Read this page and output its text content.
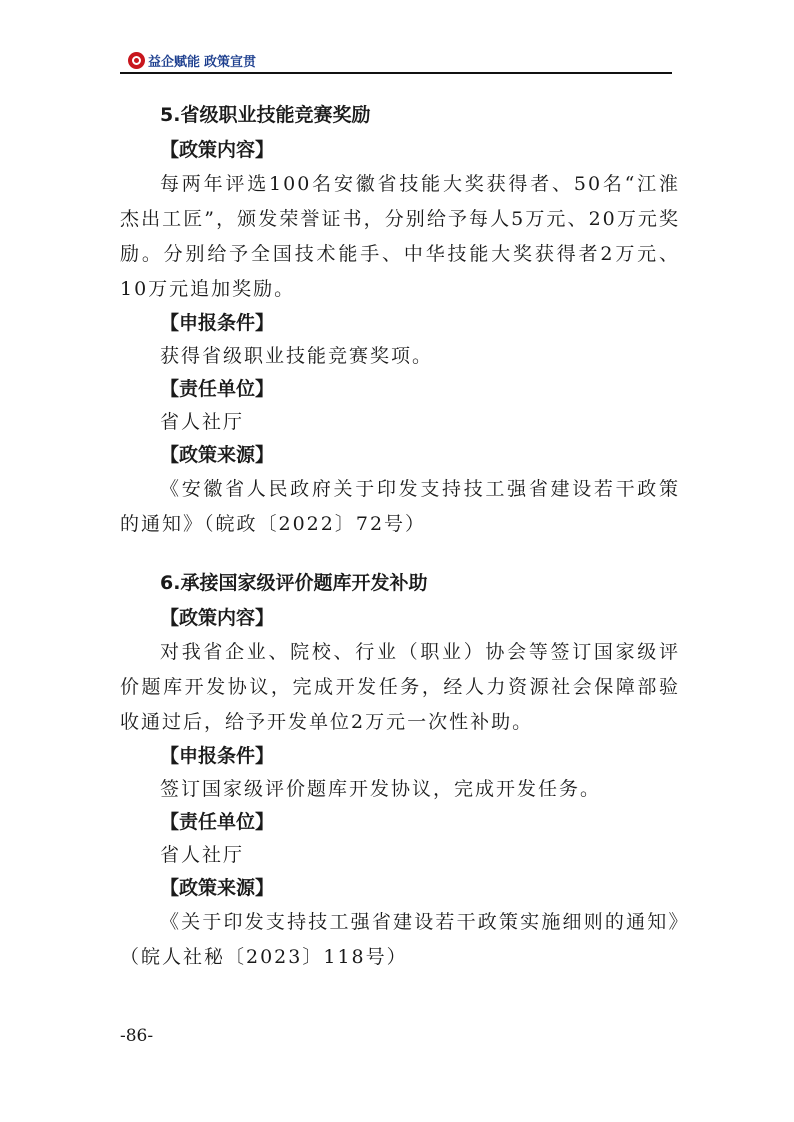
益企赋能 政策宣贯
5.省级职业技能竞赛奖励
【政策内容】

每两年评选100名安徽省技能大奖获得者、50名“江淮杰出工匠”，颁发荣誉证书，分别给予每人5万元、20万元奖励。分别给予全国技术能手、中华技能大奖获得者2万元、10万元追加奖励。

【申报条件】
获得省级职业技能竞赛奖项。
【责任单位】
省人社厅
【政策来源】

《安徽省人民政府关于印发支持技工强省建设若干政策的通知》（皖政〔2022〕72号）

6.承接国家级评价题库开发补助
【政策内容】

对我省企业、院校、行业（职业）协会等签订国家级评价题库开发协议，完成开发任务，经人力资源社会保障部验收通过后，给予开发单位2万元一次性补助。

【申报条件】
签订国家级评价题库开发协议，完成开发任务。
【责任单位】
省人社厅
【政策来源】

《关于印发支持技工强省建设若干政策实施细则的通知》（皖人社秘〔2023〕118号）

-86-
